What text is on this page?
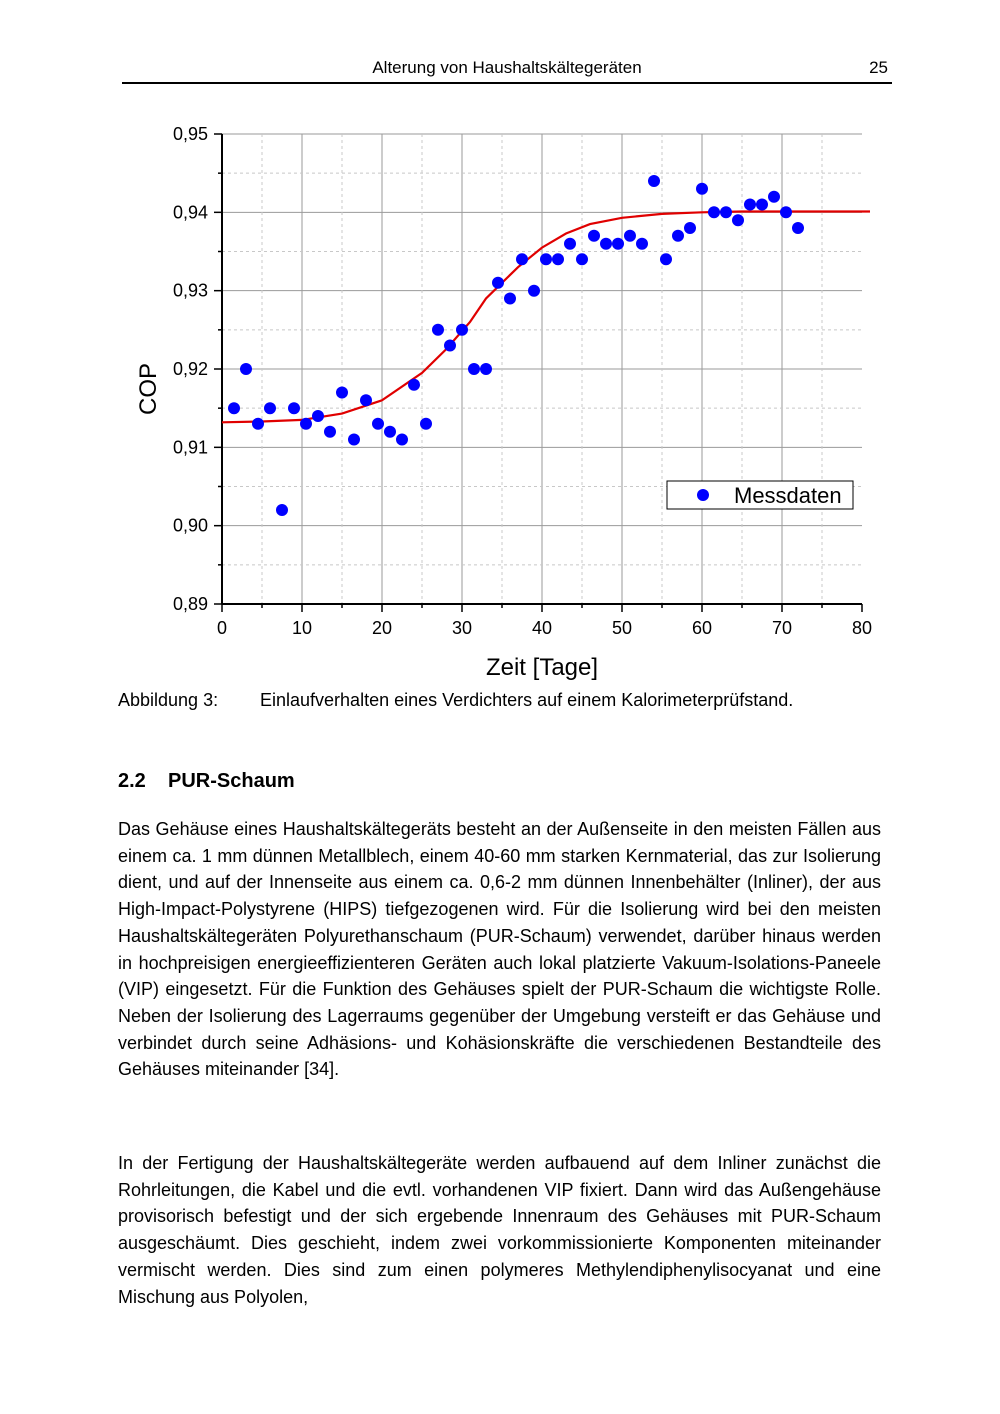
Alterung von Haushaltskältegeräten	25
0	10	20	30	40	50	60	70	80
0,89
0,90
0,91
0,92
0,93
0,94
0,95
Zeit [Tage]
COP
Messdaten
Abbildung 3: Einlaufverhalten eines Verdichters auf einem Kalorimeterprüfstand.
2.2 PUR-Schaum

Das Gehäuse eines Haushaltskältegeräts besteht an der Außenseite in den meisten Fällen aus einem ca. 1 mm dünnen Metallblech, einem 40-60 mm starken Kernmaterial, das zur Isolierung dient, und auf der Innenseite aus einem ca. 0,6-2 mm dünnen Innenbehälter (Inliner), der aus High-Impact-Polystyrene (HIPS) tiefgezogenen wird. Für die Isolierung wird bei den meisten Haushaltskältegeräten Polyurethanschaum (PUR-Schaum) verwendet, darüber hinaus werden in hochpreisigen energieeffizienteren Geräten auch lokal platzierte Vakuum-Isolations-Paneele (VIP) eingesetzt. Für die Funktion des Gehäuses spielt der PUR-Schaum die wichtigste Rolle. Neben der Isolierung des Lagerraums gegenüber der Umgebung versteift er das Gehäuse und verbindet durch seine Adhäsions- und Kohäsionskräfte die verschiedenen Bestandteile des Gehäuses miteinander [34].

In der Fertigung der Haushaltskältegeräte werden aufbauend auf dem Inliner zunächst die Rohrleitungen, die Kabel und die evtl. vorhandenen VIP fixiert. Dann wird das Außengehäuse provisorisch befestigt und der sich ergebende Innenraum des Gehäuses mit PUR-Schaum ausgeschäumt. Dies geschieht, indem zwei vorkommissionierte Komponenten miteinander vermischt werden. Dies sind zum einen polymeres Methylendiphenylisocyanat und eine Mischung aus Polyolen,
